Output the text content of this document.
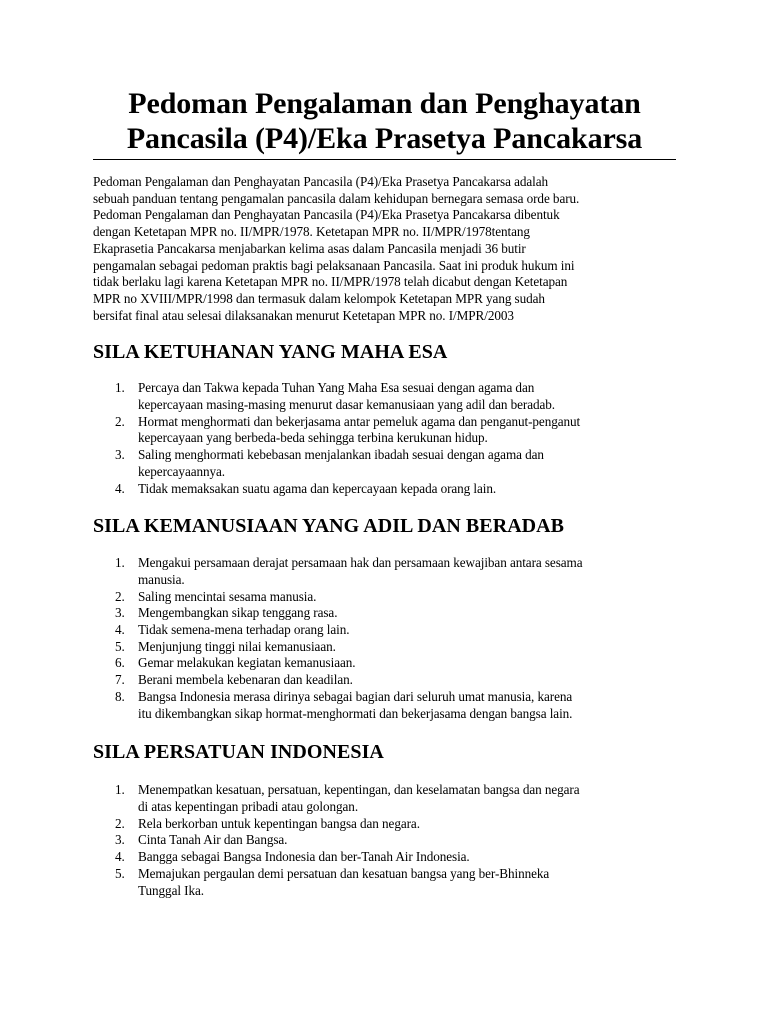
Pedoman Pengalaman dan Penghayatan
Pancasila (P4)/Eka Prasetya Pancakarsa

Pedoman Pengalaman dan Penghayatan Pancasila (P4)/Eka Prasetya Pancakarsa adalah
sebuah panduan tentang pengamalan pancasila dalam kehidupan bernegara semasa orde baru.
Pedoman Pengalaman dan Penghayatan Pancasila (P4)/Eka Prasetya Pancakarsa dibentuk
dengan Ketetapan MPR no. II/MPR/1978. Ketetapan MPR no. II/MPR/1978tentang
Ekaprasetia Pancakarsa menjabarkan kelima asas dalam Pancasila menjadi 36 butir
pengamalan sebagai pedoman praktis bagi pelaksanaan Pancasila. Saat ini produk hukum ini
tidak berlaku lagi karena Ketetapan MPR no. II/MPR/1978 telah dicabut dengan Ketetapan
MPR no XVIII/MPR/1998 dan termasuk dalam kelompok Ketetapan MPR yang sudah
bersifat final atau selesai dilaksanakan menurut Ketetapan MPR no. I/MPR/2003

SILA KETUHANAN YANG MAHA ESA
1. Percaya dan Takwa kepada Tuhan Yang Maha Esa sesuai dengan agama dan
kepercayaan masing-masing menurut dasar kemanusiaan yang adil dan beradab.
2. Hormat menghormati dan bekerjasama antar pemeluk agama dan penganut-penganut
kepercayaan yang berbeda-beda sehingga terbina kerukunan hidup.
3. Saling menghormati kebebasan menjalankan ibadah sesuai dengan agama dan
kepercayaannya.
4. Tidak memaksakan suatu agama dan kepercayaan kepada orang lain.
SILA KEMANUSIAAN YANG ADIL DAN BERADAB
1. Mengakui persamaan derajat persamaan hak dan persamaan kewajiban antara sesama
manusia.
2. Saling mencintai sesama manusia.
3. Mengembangkan sikap tenggang rasa.
4. Tidak semena-mena terhadap orang lain.
5. Menjunjung tinggi nilai kemanusiaan.
6. Gemar melakukan kegiatan kemanusiaan.
7. Berani membela kebenaran dan keadilan.
8. Bangsa Indonesia merasa dirinya sebagai bagian dari seluruh umat manusia, karena
itu dikembangkan sikap hormat-menghormati dan bekerjasama dengan bangsa lain.
SILA PERSATUAN INDONESIA
1. Menempatkan kesatuan, persatuan, kepentingan, dan keselamatan bangsa dan negara
di atas kepentingan pribadi atau golongan.
2. Rela berkorban untuk kepentingan bangsa dan negara.
3. Cinta Tanah Air dan Bangsa.
4. Bangga sebagai Bangsa Indonesia dan ber-Tanah Air Indonesia.
5. Memajukan pergaulan demi persatuan dan kesatuan bangsa yang ber-Bhinneka
Tunggal Ika.
